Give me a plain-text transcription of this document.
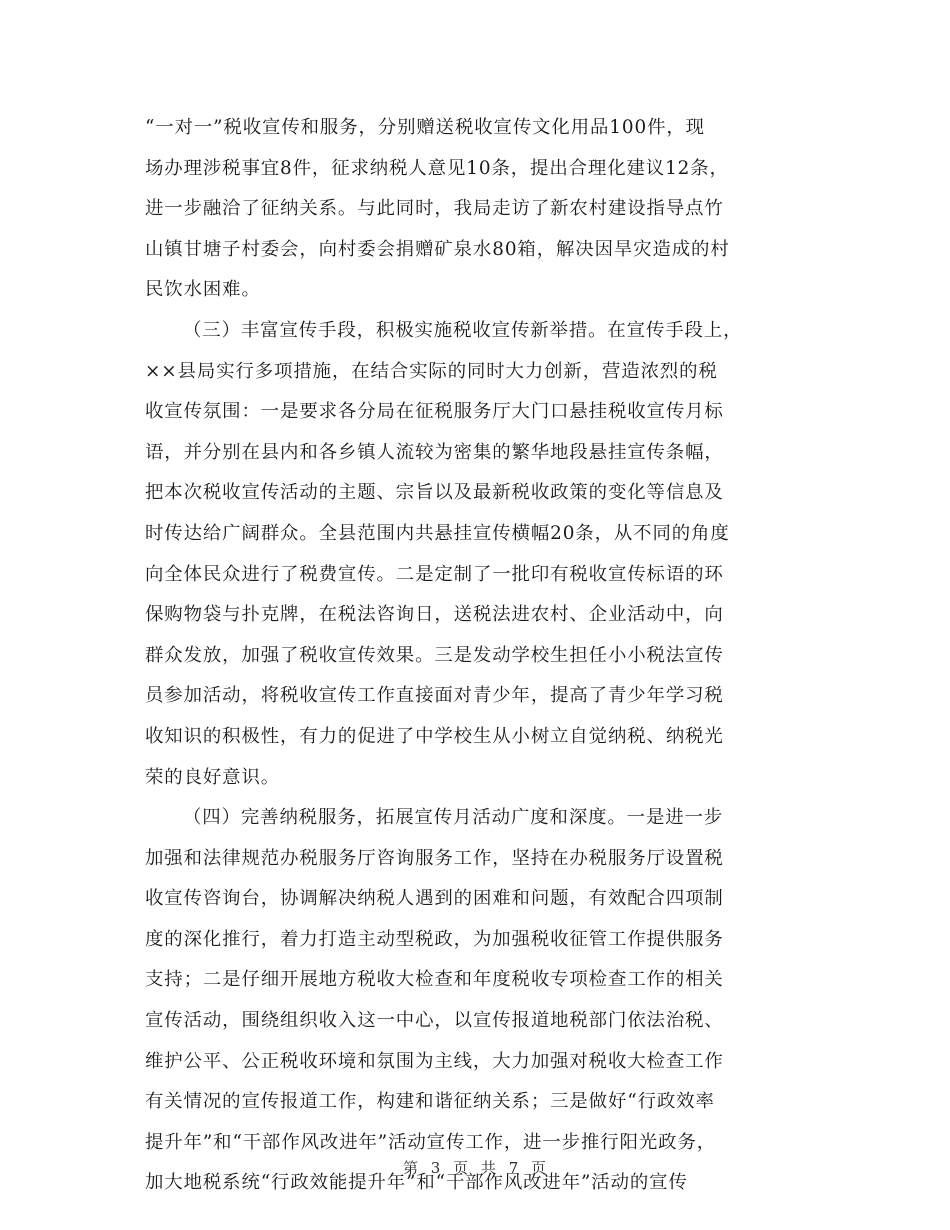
“一对一”税收宣传和服务，分别赠送税收宣传文化用品100件，现
场办理涉税事宜8件，征求纳税人意见10条，提出合理化建议12条，
进一步融洽了征纳关系。与此同时，我局走访了新农村建设指导点竹
山镇甘塘子村委会，向村委会捐赠矿泉水80箱，解决因旱灾造成的村
民饮水困难。
（三）丰富宣传手段，积极实施税收宣传新举措。在宣传手段上，
××县局实行多项措施，在结合实际的同时大力创新，营造浓烈的税
收宣传氛围：一是要求各分局在征税服务厅大门口悬挂税收宣传月标
语，并分别在县内和各乡镇人流较为密集的繁华地段悬挂宣传条幅，
把本次税收宣传活动的主题、宗旨以及最新税收政策的变化等信息及
时传达给广阔群众。全县范围内共悬挂宣传横幅20条，从不同的角度
向全体民众进行了税费宣传。二是定制了一批印有税收宣传标语的环
保购物袋与扑克牌，在税法咨询日，送税法进农村、企业活动中，向
群众发放，加强了税收宣传效果。三是发动学校生担任小小税法宣传
员参加活动，将税收宣传工作直接面对青少年，提高了青少年学习税
收知识的积极性，有力的促进了中学校生从小树立自觉纳税、纳税光
荣的良好意识。
（四）完善纳税服务，拓展宣传月活动广度和深度。一是进一步
加强和法律规范办税服务厅咨询服务工作，坚持在办税服务厅设置税
收宣传咨询台，协调解决纳税人遇到的困难和问题，有效配合四项制
度的深化推行，着力打造主动型税政，为加强税收征管工作提供服务
支持；二是仔细开展地方税收大检查和年度税收专项检查工作的相关
宣传活动，围绕组织收入这一中心，以宣传报道地税部门依法治税、
维护公平、公正税收环境和氛围为主线，大力加强对税收大检查工作
有关情况的宣传报道工作，构建和谐征纳关系；三是做好“行政效率
提升年”和“干部作风改进年”活动宣传工作，进一步推行阳光政务，
加大地税系统“行政效能提升年”和“干部作风改进年”活动的宣传
第 3 页 共 7 页
